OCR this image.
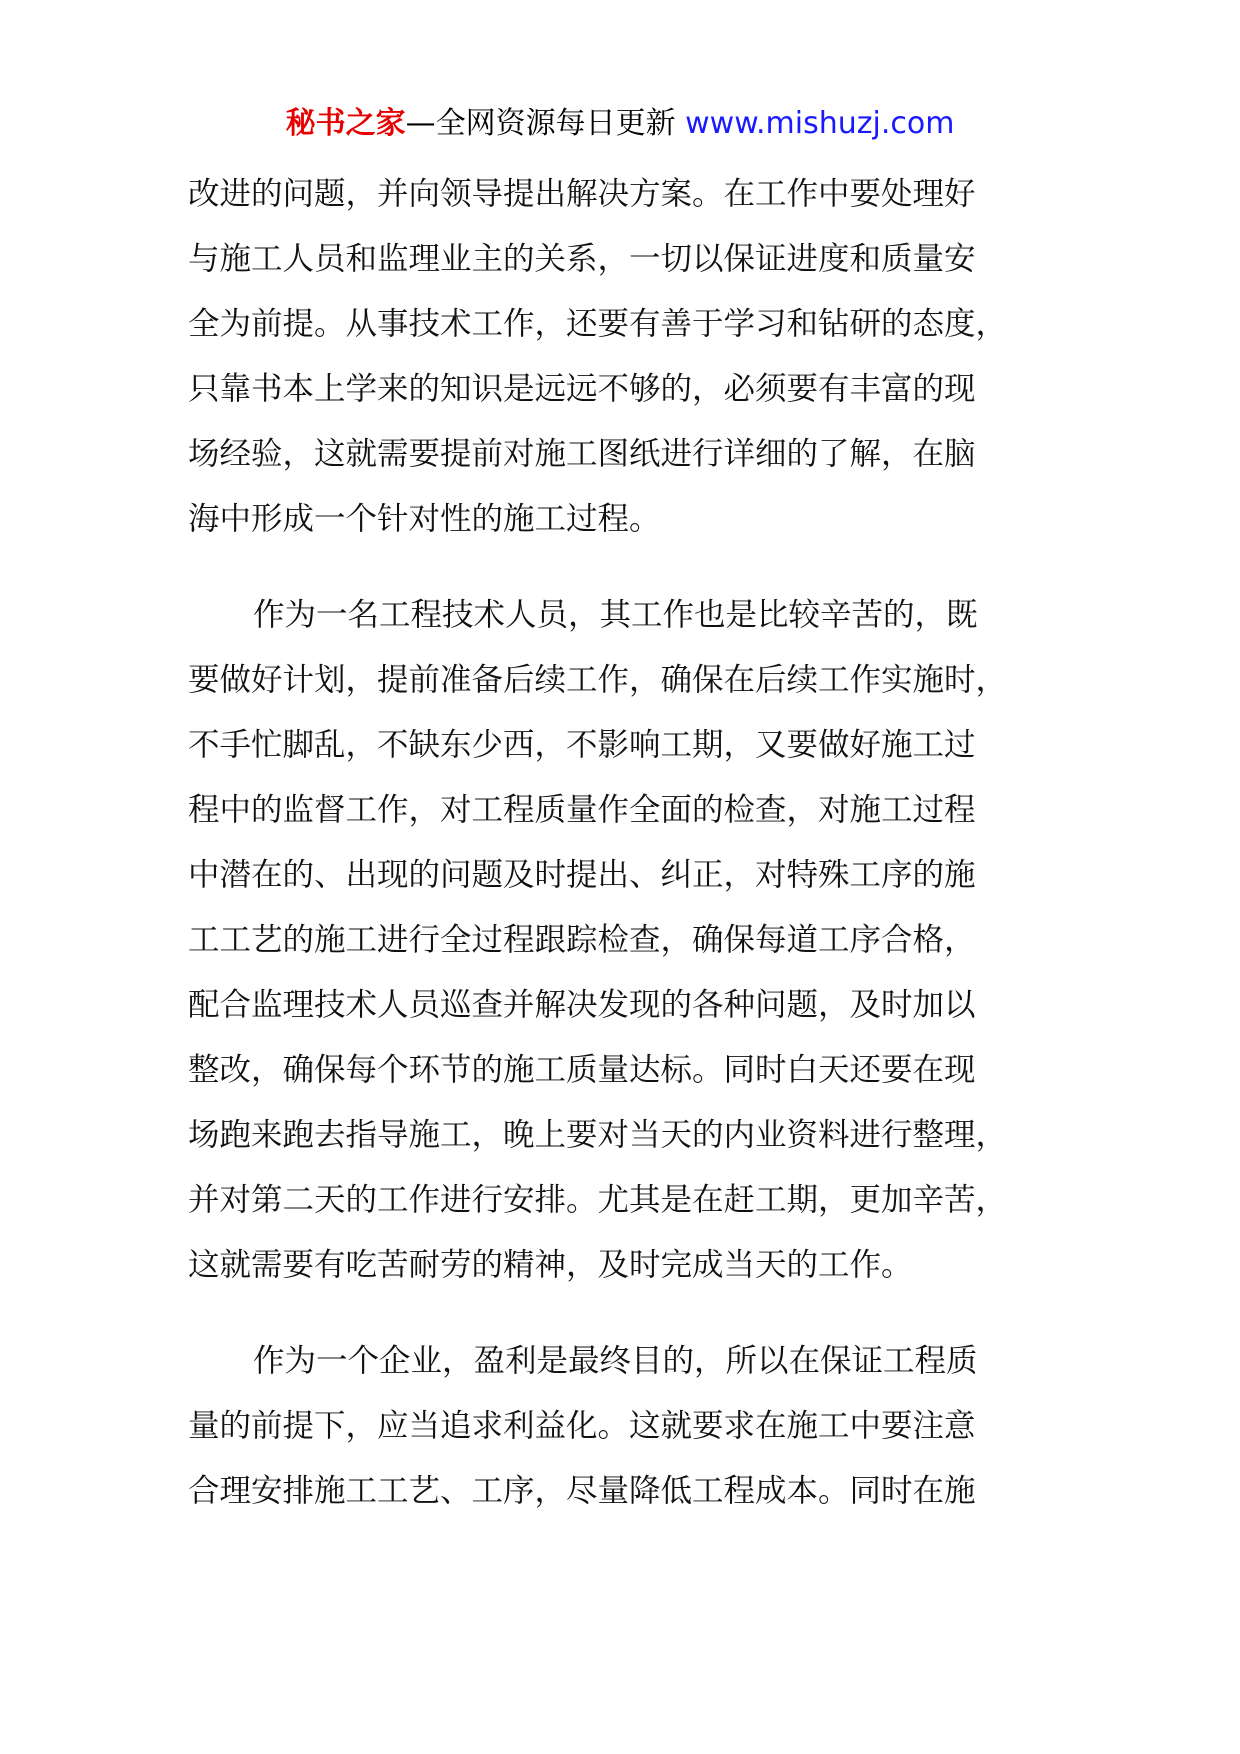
秘书之家—全网资源每日更新 www.mishuzj.com
改进的问题，并向领导提出解决方案。在工作中要处理好
与施工人员和监理业主的关系，一切以保证进度和质量安
全为前提。从事技术工作，还要有善于学习和钻研的态度，
只靠书本上学来的知识是远远不够的，必须要有丰富的现
场经验，这就需要提前对施工图纸进行详细的了解，在脑
海中形成一个针对性的施工过程。
作为一名工程技术人员，其工作也是比较辛苦的，既
要做好计划，提前准备后续工作，确保在后续工作实施时，
不手忙脚乱，不缺东少西，不影响工期，又要做好施工过
程中的监督工作，对工程质量作全面的检查，对施工过程
中潜在的、出现的问题及时提出、纠正，对特殊工序的施
工工艺的施工进行全过程跟踪检查，确保每道工序合格，
配合监理技术人员巡查并解决发现的各种问题，及时加以
整改，确保每个环节的施工质量达标。同时白天还要在现
场跑来跑去指导施工，晚上要对当天的内业资料进行整理，
并对第二天的工作进行安排。尤其是在赶工期，更加辛苦，
这就需要有吃苦耐劳的精神，及时完成当天的工作。
作为一个企业，盈利是最终目的，所以在保证工程质
量的前提下，应当追求利益化。这就要求在施工中要注意
合理安排施工工艺、工序，尽量降低工程成本。同时在施
